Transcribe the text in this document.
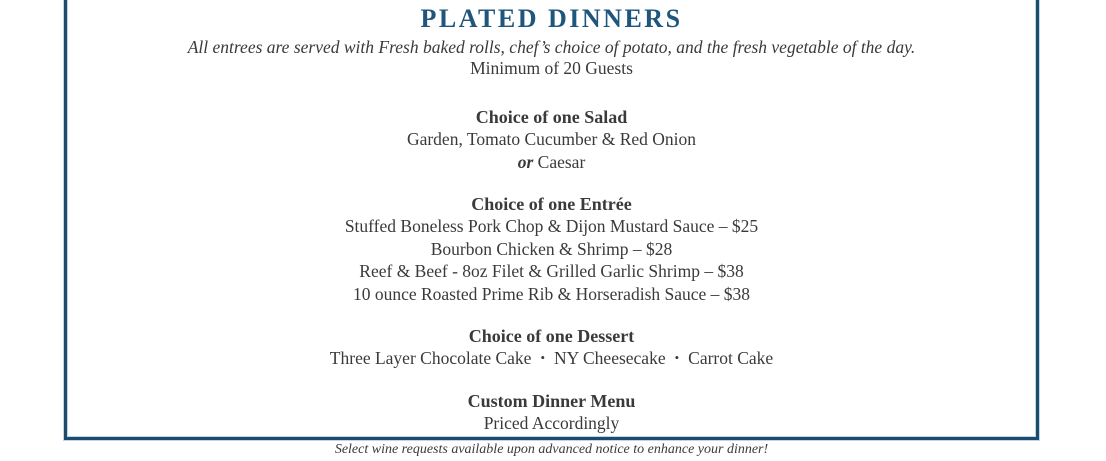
PLATED DINNERS

All entrees are served with Fresh baked rolls, chef’s choice of potato, and the fresh vegetable of the day.

Minimum of 20 Guests

Choice of one Salad

Garden, Tomato Cucumber & Red Onion

or Caesar

Choice of one Entrée

Stuffed Boneless Pork Chop & Dijon Mustard Sauce – $25

Bourbon Chicken & Shrimp – $28

Reef & Beef - 8oz Filet & Grilled Garlic Shrimp – $38

10 ounce Roasted Prime Rib & Horseradish Sauce – $38

Choice of one Dessert

Three Layer Chocolate Cake • NY Cheesecake • Carrot Cake

Custom Dinner Menu

Priced Accordingly

Select wine requests available upon advanced notice to enhance your dinner!
